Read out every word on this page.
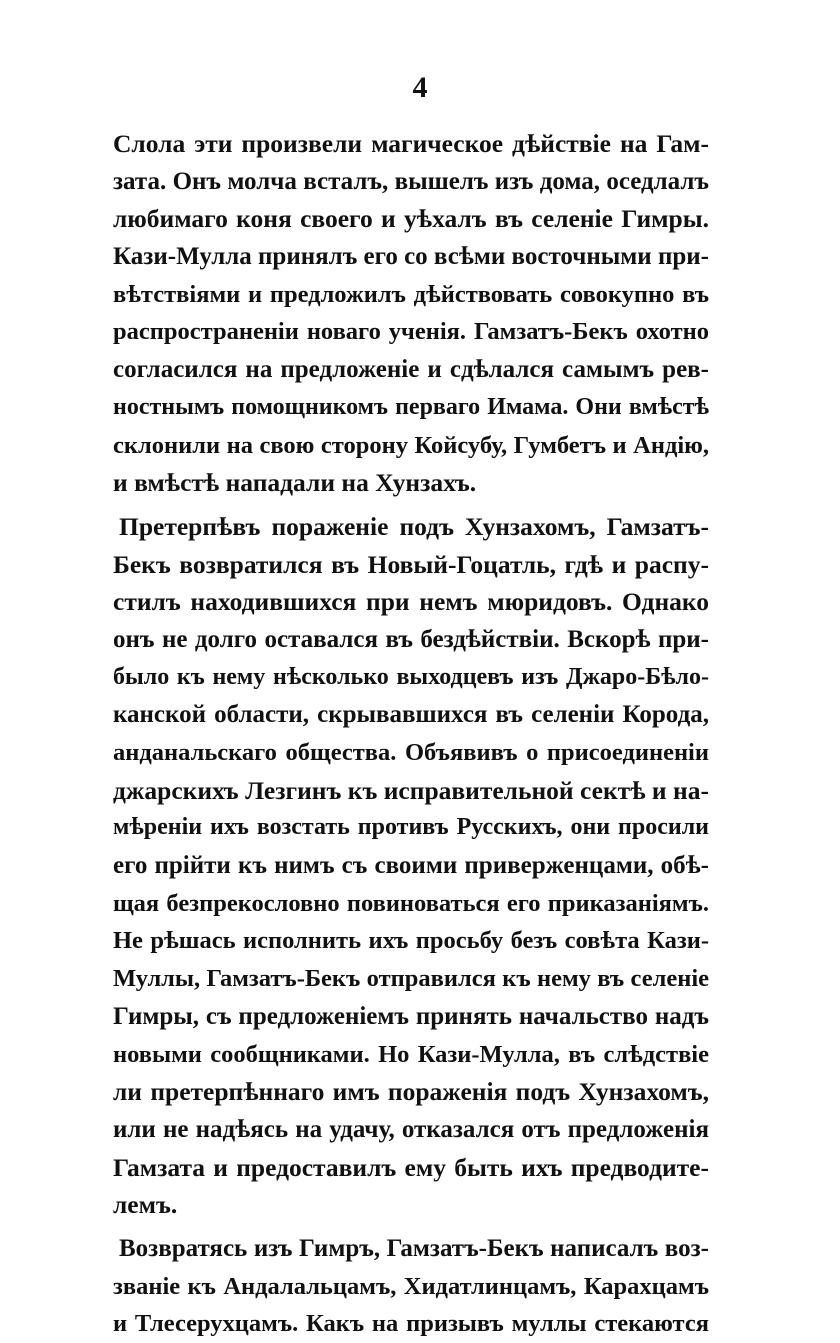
4
Слола эти произвели магическое дѣйствіе на Гам-
зата. Онъ молча всталъ, вышелъ изъ дома, оседлалъ
любимаго коня своего и уѣхалъ въ селеніе Гимры.
Кази-Мулла принялъ его со всѣми восточными при-
вѣтствіями и предложилъ дѣйствовать совокупно въ
распространеніи новаго ученія. Гамзатъ-Бекъ охотно
согласился на предложеніе и сдѣлался самымъ рев-
ностнымъ помощникомъ перваго Имама. Они вмѣстѣ
склонили на свою сторону Койсубу, Гумбетъ и Андію,
и вмѣстѣ нападали на Хунзахъ.
Претерпѣвъ пораженіе подъ Хунзахомъ, Гамзатъ-
Бекъ возвратился въ Новый-Гоцатль, гдѣ и распу-
стилъ находившихся при немъ мюридовъ. Однако
онъ не долго оставался въ бездѣйствіи. Вскорѣ при-
было къ нему нѣсколько выходцевъ изъ Джаро-Бѣло-
канской области, скрывавшихся въ селеніи Корода,
анданальскаго общества. Объявивъ о присоединеніи
джарскихъ Лезгинъ къ исправительной сектѣ и на-
мѣреніи ихъ возстать противъ Русскихъ, они просили
его прійти къ нимъ съ своими приверженцами, обѣ-
щая безпрекословно повиноваться его приказаніямъ.
Не рѣшась исполнить ихъ просьбу безъ совѣта Кази-
Муллы, Гамзатъ-Бекъ отправился къ нему въ селеніе
Гимры, съ предложеніемъ принять начальство надъ
новыми сообщниками. Но Кази-Мулла, въ слѣдствіе
ли претерпѣннаго имъ пораженія подъ Хунзахомъ,
или не надѣясь на удачу, отказался отъ предложенія
Гамзата и предоставилъ ему быть ихъ предводите-
лемъ.
Возвратясь изъ Гимръ, Гамзатъ-Бекъ написалъ воз-
званіе къ Андалальцамъ, Хидатлинцамъ, Карахцамъ
и Тлесерухцамъ. Какъ на призывъ муллы стекаются
